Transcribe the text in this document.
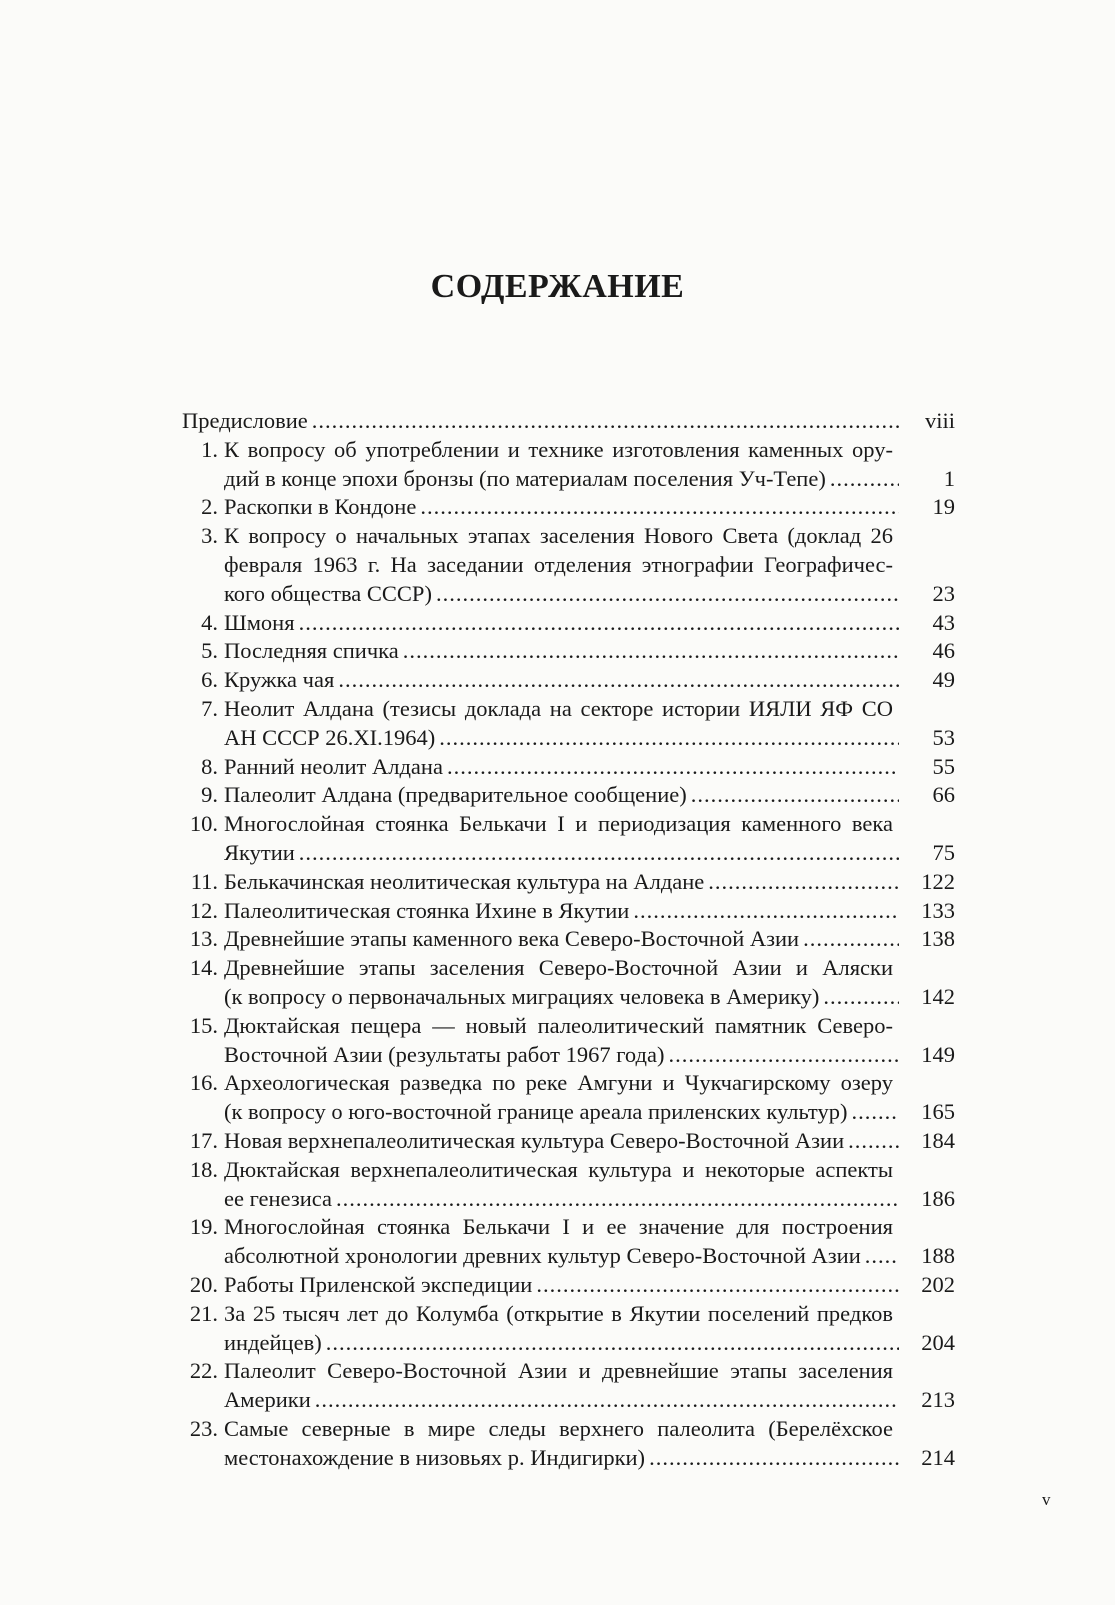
СОДЕРЖАНИЕ
Предисловие .....	viii
1. К вопросу об употреблении и технике изготовления каменных ору-
дий в конце эпохи бронзы (по материалам поселения Уч-Тепе) .....	1
2. Раскопки в Кондоне .....	19
3. К вопросу о начальных этапах заселения Нового Света (доклад 26
февраля 1963 г. На заседании отделения этнографии Географичес-
кого общества СССР) .....	23
4. Шмоня .....	43
5. Последняя спичка .....	46
6. Кружка чая .....	49
7. Неолит Алдана (тезисы доклада на секторе истории ИЯЛИ ЯФ СО
АН СССР 26.XI.1964) .....	53
8. Ранний неолит Алдана .....	55
9. Палеолит Алдана (предварительное сообщение) .....	66
10. Многослойная стоянка Белькачи I и периодизация каменного века
Якутии .....	75
11. Белькачинская неолитическая культура на Алдане .....	122
12. Палеолитическая стоянка Ихине в Якутии .....	133
13. Древнейшие этапы каменного века Северо-Восточной Азии .....	138
14. Древнейшие этапы заселения Северо-Восточной Азии и Аляски
(к вопросу о первоначальных миграциях человека в Америку) .....	142
15. Дюктайская пещера — новый палеолитический памятник Северо-
Восточной Азии (результаты работ 1967 года) .....	149
16. Археологическая разведка по реке Амгуни и Чукчагирскому озеру
(к вопросу о юго-восточной границе ареала приленских культур) .....	165
17. Новая верхнепалеолитическая культура Северо-Восточной Азии .....	184
18. Дюктайская верхнепалеолитическая культура и некоторые аспекты
ее генезиса .....	186
19. Многослойная стоянка Белькачи I и ее значение для построения
абсолютной хронологии древних культур Северо-Восточной Азии .....	188
20. Работы Приленской экспедиции .....	202
21. За 25 тысяч лет до Колумба (открытие в Якутии поселений предков
индейцев) .....	204
22. Палеолит Северо-Восточной Азии и древнейшие этапы заселения
Америки .....	213
23. Самые северные в мире следы верхнего палеолита (Берелёхское
местонахождение в низовьях р. Индигирки) .....	214
v
